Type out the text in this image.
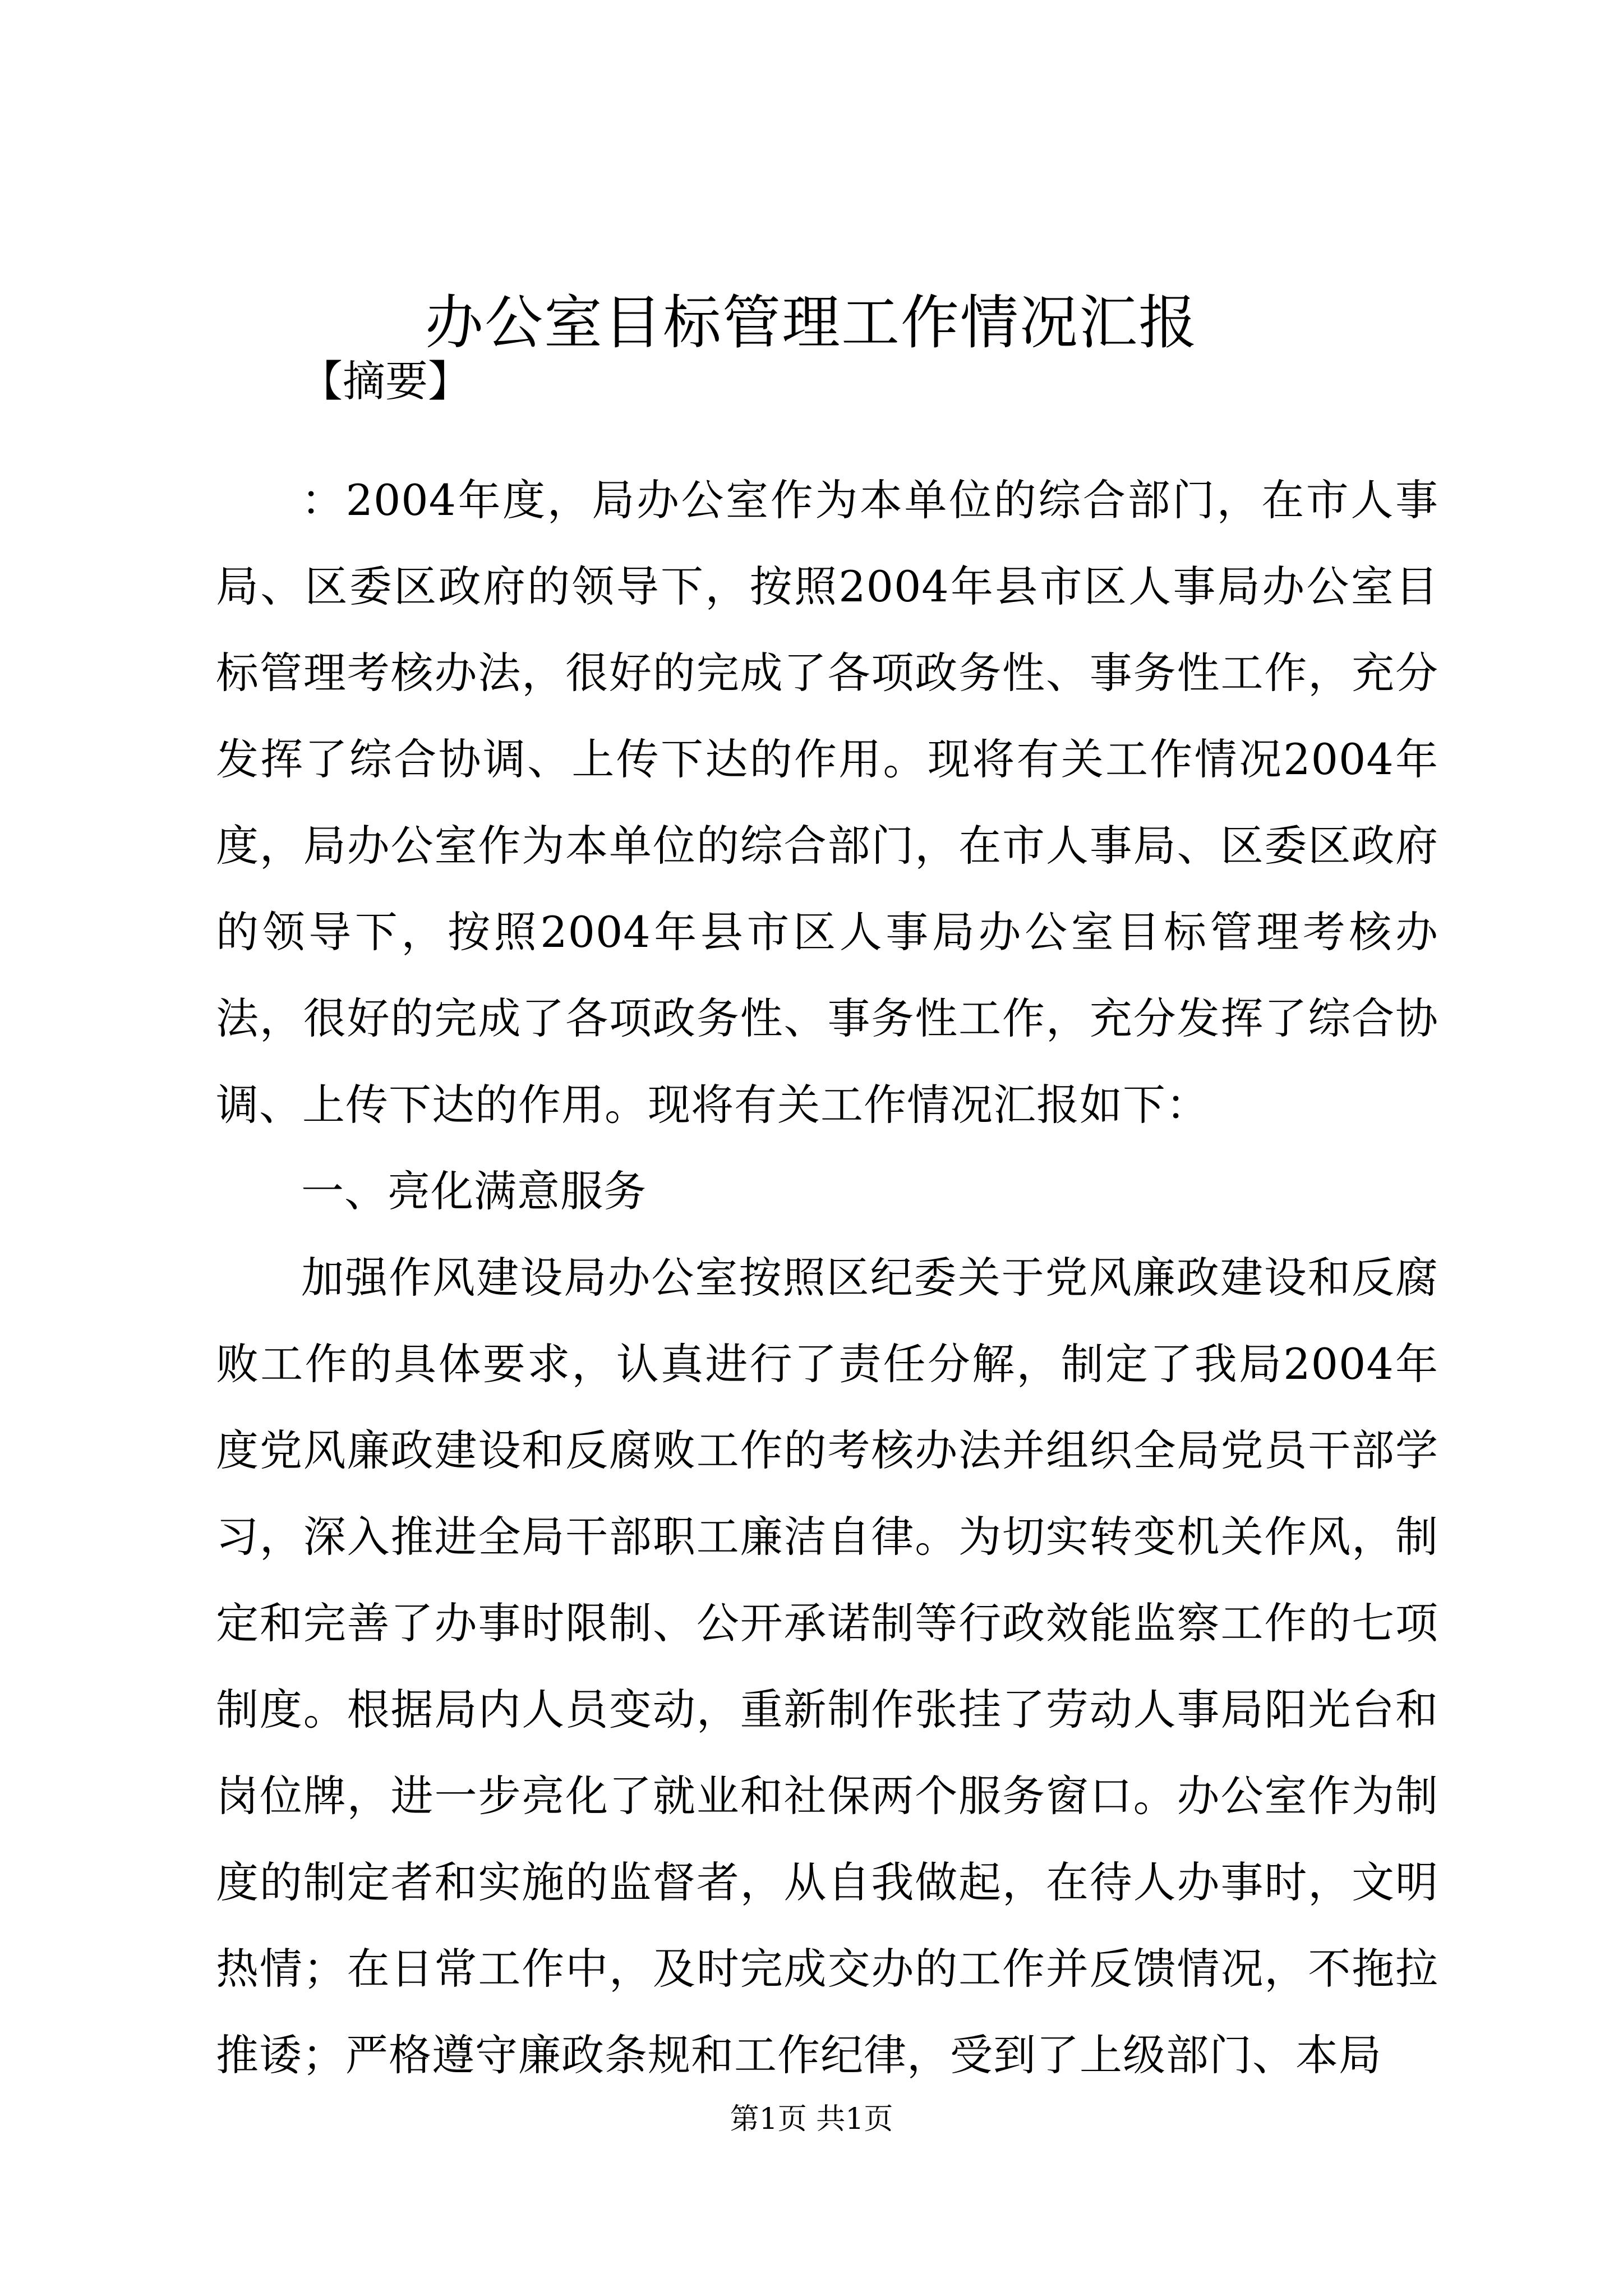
办公室目标管理工作情况汇报
【摘要】

：2004年度，局办公室作为本单位的综合部门，在市人事局、区委区政府的领导下，按照2004年县市区人事局办公室目标管理考核办法，很好的完成了各项政务性、事务性工作，充分发挥了综合协调、上传下达的作用。现将有关工作情况2004年度，局办公室作为本单位的综合部门，在市人事局、区委区政府的领导下，按照2004年县市区人事局办公室目标管理考核办法，很好的完成了各项政务性、事务性工作，充分发挥了综合协调、上传下达的作用。现将有关工作情况汇报如下：

一、亮化满意服务

加强作风建设局办公室按照区纪委关于党风廉政建设和反腐败工作的具体要求，认真进行了责任分解，制定了我局2004年度党风廉政建设和反腐败工作的考核办法并组织全局党员干部学习，深入推进全局干部职工廉洁自律。为切实转变机关作风，制定和完善了办事时限制、公开承诺制等行政效能监察工作的七项制度。根据局内人员变动，重新制作张挂了劳动人事局阳光台和岗位牌，进一步亮化了就业和社保两个服务窗口。办公室作为制度的制定者和实施的监督者，从自我做起，在待人办事时，文明热情；在日常工作中，及时完成交办的工作并反馈情况，不拖拉推诿；严格遵守廉政条规和工作纪律，受到了上级部门、本局

第1页 共1页
